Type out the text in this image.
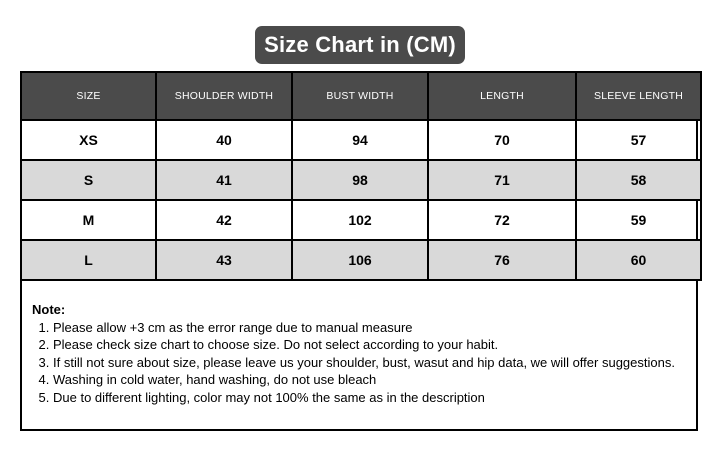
Size Chart in (CM)
SIZE	SHOULDER WIDTH	BUST WIDTH	LENGTH	SLEEVE LENGTH
XS	40	94	70	57
S	41	98	71	58
M	42	102	72	59
L	43	106	76	60
Note:
1. Please allow +3 cm as the error range due to manual measure
2. Please check size chart to choose size. Do not select according to your habit.
3. If still not sure about size, please leave us your shoulder, bust, wasut and hip data, we will offer suggestions.
4. Washing in cold water, hand washing, do not use bleach
5. Due to different lighting, color may not 100% the same as in the description
